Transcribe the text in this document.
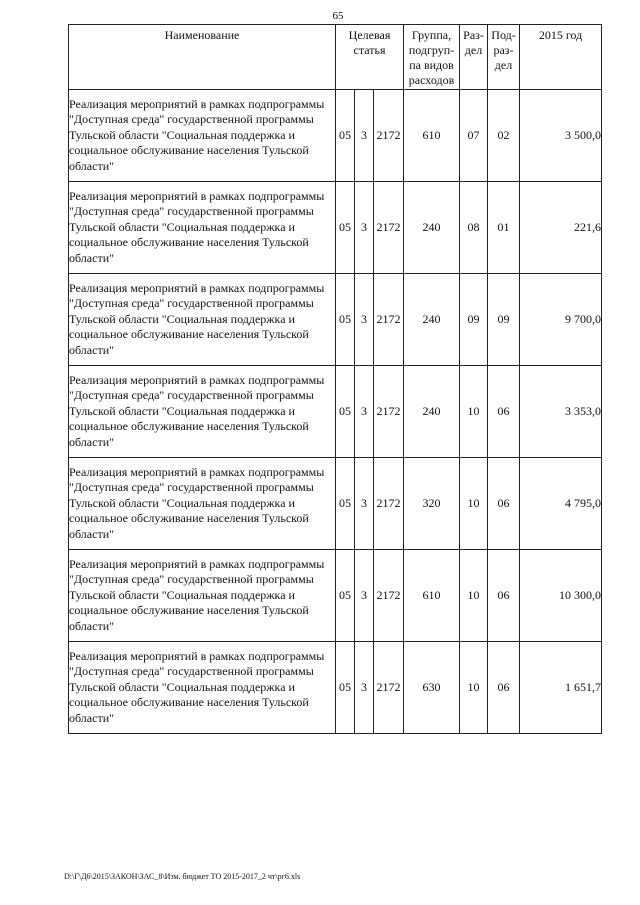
65
Наименование	Целевая статья			Группа, подгруп-па видов расходов	Раз-дел	Под-раз-дел	2015 год
Реализация мероприятий в рамках подпрограммы "Доступная среда" государственной программы Тульской области "Социальная поддержка и социальное обслуживание населения Тульской области"	05	3	2172	610	07	02	3 500,0
Реализация мероприятий в рамках подпрограммы "Доступная среда" государственной программы Тульской области "Социальная поддержка и социальное обслуживание населения Тульской области"	05	3	2172	240	08	01	221,6
Реализация мероприятий в рамках подпрограммы "Доступная среда" государственной программы Тульской области "Социальная поддержка и социальное обслуживание населения Тульской области"	05	3	2172	240	09	09	9 700,0
Реализация мероприятий в рамках подпрограммы "Доступная среда" государственной программы Тульской области "Социальная поддержка и социальное обслуживание населения Тульской области"	05	3	2172	240	10	06	3 353,0
Реализация мероприятий в рамках подпрограммы "Доступная среда" государственной программы Тульской области "Социальная поддержка и социальное обслуживание населения Тульской области"	05	3	2172	320	10	06	4 795,0
Реализация мероприятий в рамках подпрограммы "Доступная среда" государственной программы Тульской области "Социальная поддержка и социальное обслуживание населения Тульской области"	05	3	2172	610	10	06	10 300,0
Реализация мероприятий в рамках подпрограммы "Доступная среда" государственной программы Тульской области "Социальная поддержка и социальное обслуживание населения Тульской области"	05	3	2172	630	10	06	1 651,7
D:\Г\Д6\2015\ЗАКОН\ЗАС_8\Изм. бюджет ТО 2015-2017_2 чт\рг6.xls
